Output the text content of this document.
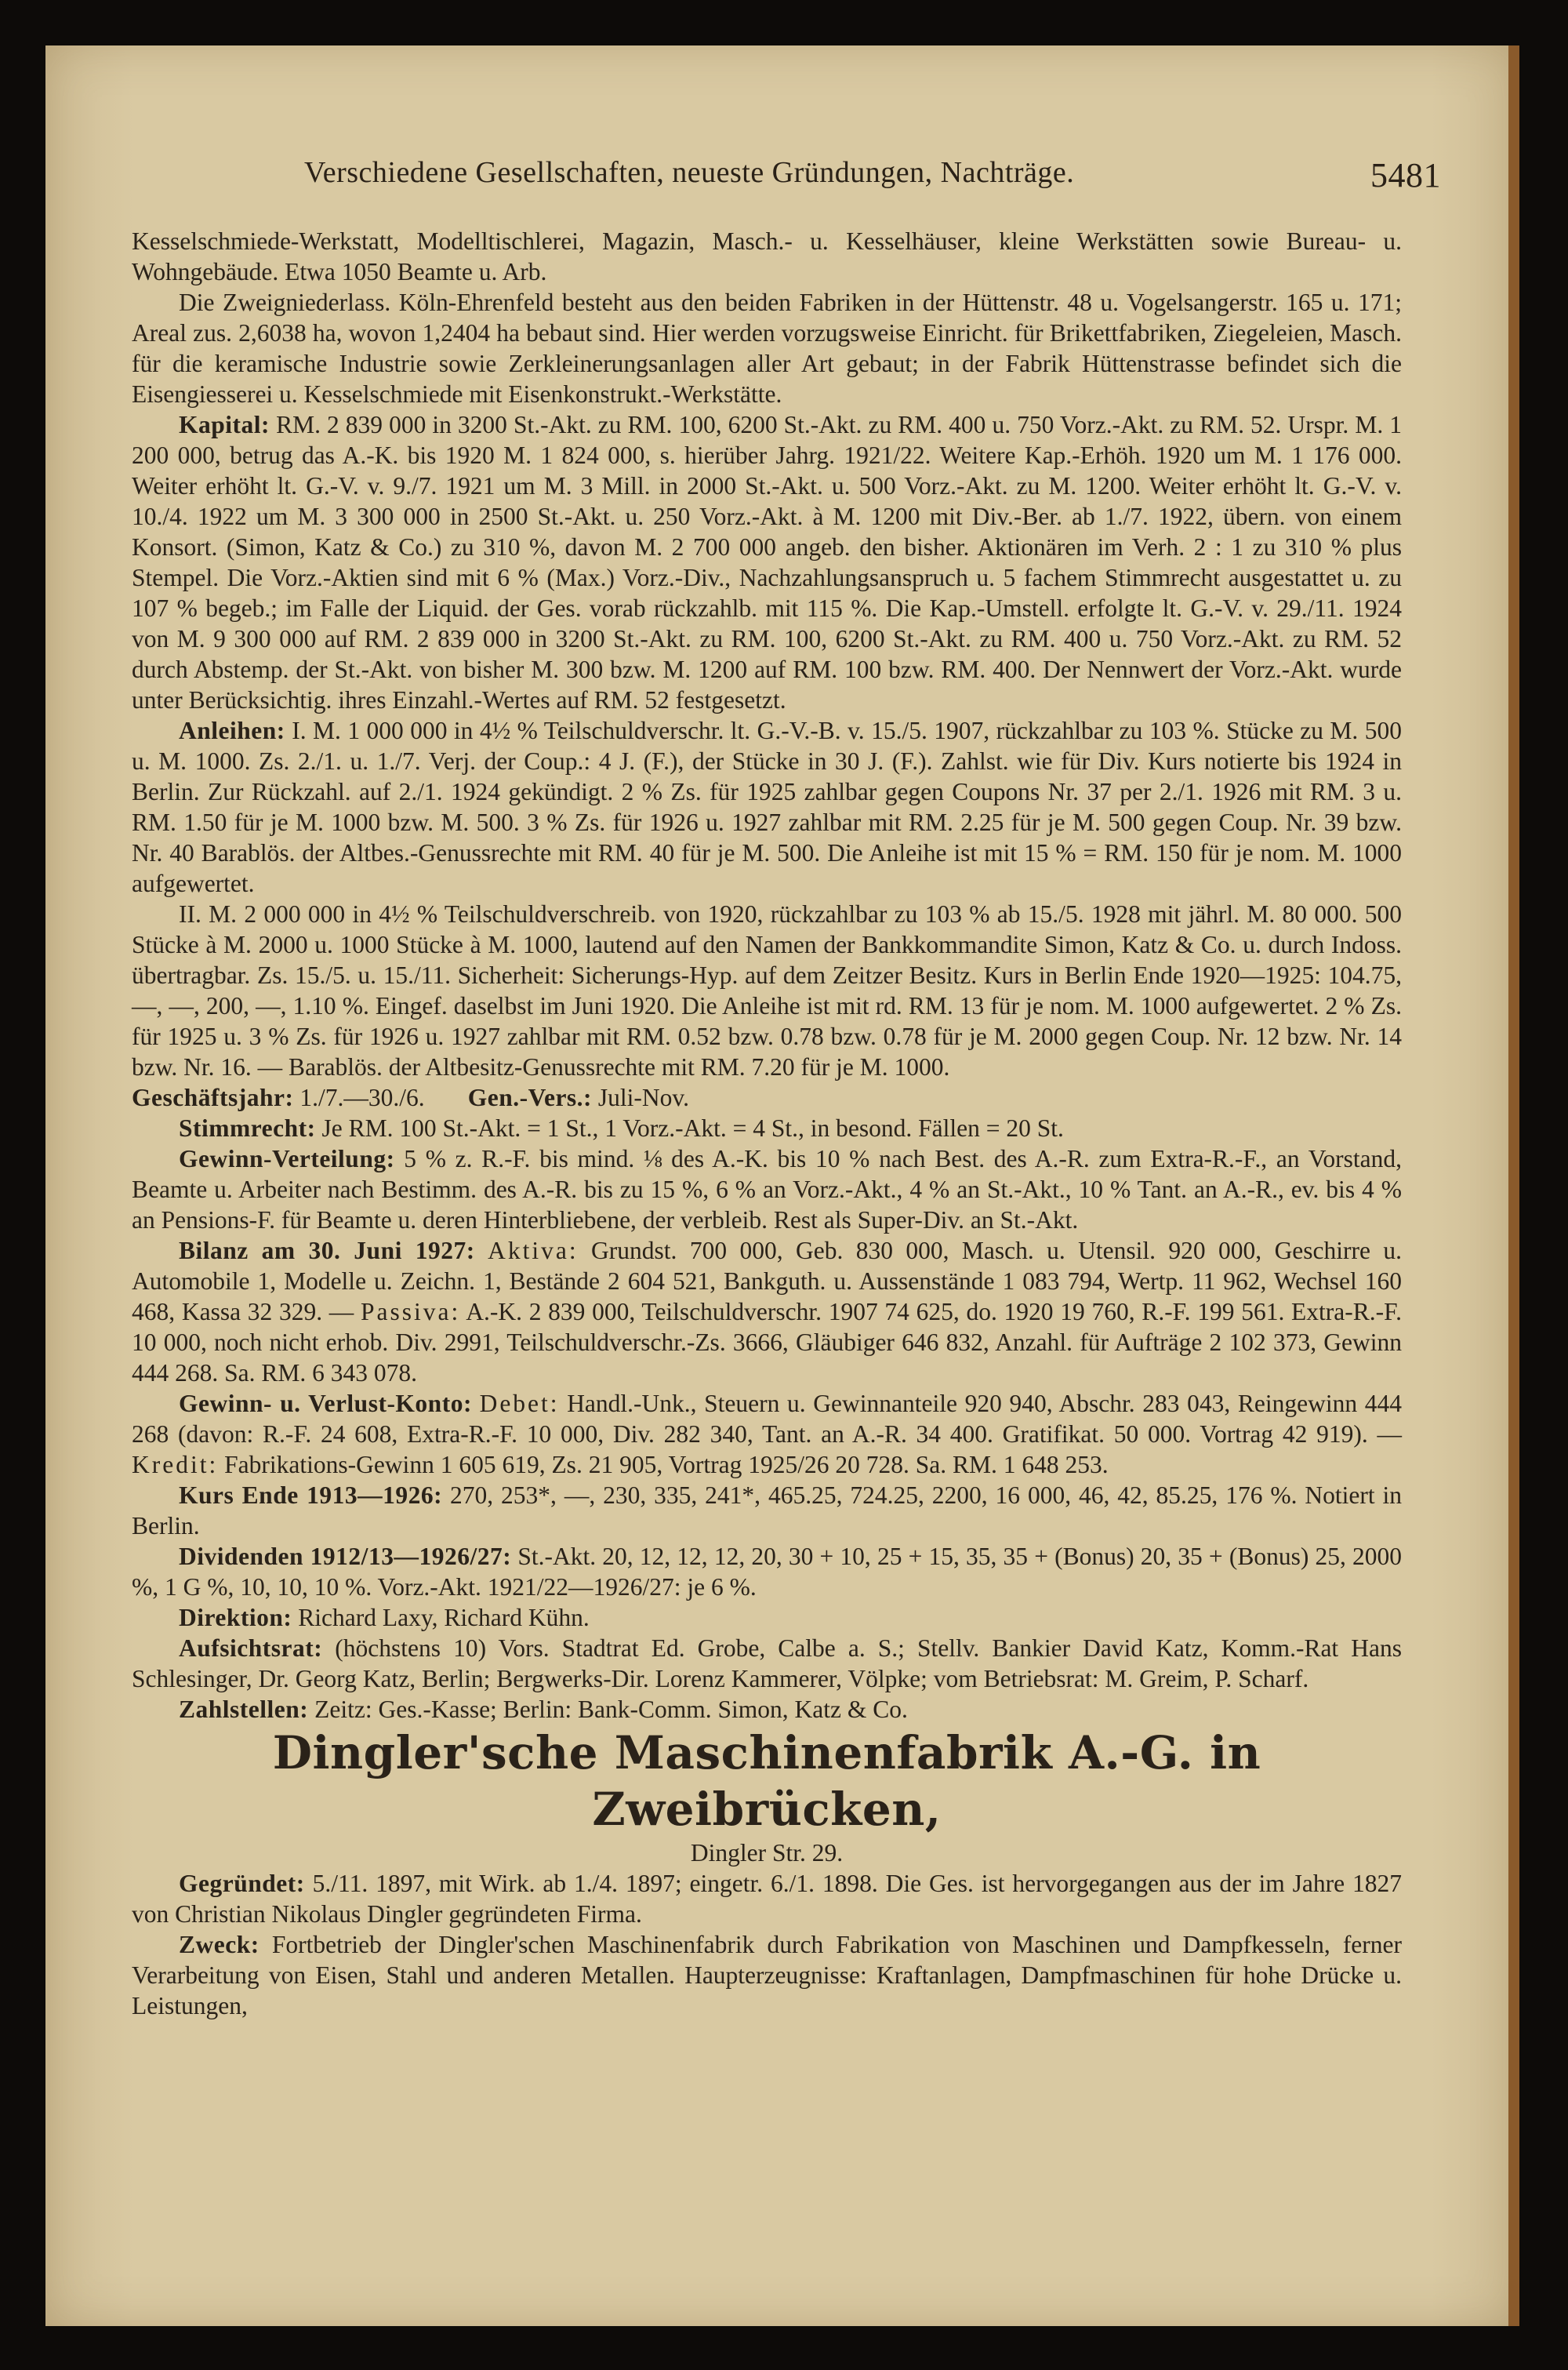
Verschiedene Gesellschaften, neueste Gründungen, Nachträge.	5481

Kesselschmiede-Werkstatt, Modelltischlerei, Magazin, Masch.- u. Kesselhäuser, kleine Werkstätten sowie Bureau- u. Wohngebäude. Etwa 1050 Beamte u. Arb.

Die Zweigniederlass. Köln-Ehrenfeld besteht aus den beiden Fabriken in der Hüttenstr. 48 u. Vogelsangerstr. 165 u. 171; Areal zus. 2,6038 ha, wovon 1,2404 ha bebaut sind. Hier werden vorzugsweise Einricht. für Brikettfabriken, Ziegeleien, Masch. für die keramische Industrie sowie Zerkleinerungsanlagen aller Art gebaut; in der Fabrik Hüttenstrasse befindet sich die Eisengiesserei u. Kesselschmiede mit Eisenkonstrukt.-Werkstätte.

Kapital: RM. 2 839 000 in 3200 St.-Akt. zu RM. 100, 6200 St.-Akt. zu RM. 400 u. 750 Vorz.-Akt. zu RM. 52. Urspr. M. 1 200 000, betrug das A.-K. bis 1920 M. 1 824 000, s. hierüber Jahrg. 1921/22. Weitere Kap.-Erhöh. 1920 um M. 1 176 000. Weiter erhöht lt. G.-V. v. 9./7. 1921 um M. 3 Mill. in 2000 St.-Akt. u. 500 Vorz.-Akt. zu M. 1200. Weiter erhöht lt. G.-V. v. 10./4. 1922 um M. 3 300 000 in 2500 St.-Akt. u. 250 Vorz.-Akt. à M. 1200 mit Div.-Ber. ab 1./7. 1922, übern. von einem Konsort. (Simon, Katz & Co.) zu 310 %, davon M. 2 700 000 angeb. den bisher. Aktionären im Verh. 2 : 1 zu 310 % plus Stempel. Die Vorz.-Aktien sind mit 6 % (Max.) Vorz.-Div., Nachzahlungsanspruch u. 5 fachem Stimmrecht ausgestattet u. zu 107 % begeb.; im Falle der Liquid. der Ges. vorab rückzahlb. mit 115 %. Die Kap.-Umstell. erfolgte lt. G.-V. v. 29./11. 1924 von M. 9 300 000 auf RM. 2 839 000 in 3200 St.-Akt. zu RM. 100, 6200 St.-Akt. zu RM. 400 u. 750 Vorz.-Akt. zu RM. 52 durch Abstemp. der St.-Akt. von bisher M. 300 bzw. M. 1200 auf RM. 100 bzw. RM. 400. Der Nennwert der Vorz.-Akt. wurde unter Berücksichtig. ihres Einzahl.-Wertes auf RM. 52 festgesetzt.

Anleihen: I. M. 1 000 000 in 4½ % Teilschuldverschr. lt. G.-V.-B. v. 15./5. 1907, rückzahlbar zu 103 %. Stücke zu M. 500 u. M. 1000. Zs. 2./1. u. 1./7. Verj. der Coup.: 4 J. (F.), der Stücke in 30 J. (F.). Zahlst. wie für Div. Kurs notierte bis 1924 in Berlin. Zur Rückzahl. auf 2./1. 1924 gekündigt. 2 % Zs. für 1925 zahlbar gegen Coupons Nr. 37 per 2./1. 1926 mit RM. 3 u. RM. 1.50 für je M. 1000 bzw. M. 500. 3 % Zs. für 1926 u. 1927 zahlbar mit RM. 2.25 für je M. 500 gegen Coup. Nr. 39 bzw. Nr. 40 Barablös. der Altbes.-Genussrechte mit RM. 40 für je M. 500. Die Anleihe ist mit 15 % = RM. 150 für je nom. M. 1000 aufgewertet.

II. M. 2 000 000 in 4½ % Teilschuldverschreib. von 1920, rückzahlbar zu 103 % ab 15./5. 1928 mit jährl. M. 80 000. 500 Stücke à M. 2000 u. 1000 Stücke à M. 1000, lautend auf den Namen der Bankkommandite Simon, Katz & Co. u. durch Indoss. übertragbar. Zs. 15./5. u. 15./11. Sicherheit: Sicherungs-Hyp. auf dem Zeitzer Besitz. Kurs in Berlin Ende 1920—1925: 104.75, —, —, 200, —, 1.10 %. Eingef. daselbst im Juni 1920. Die Anleihe ist mit rd. RM. 13 für je nom. M. 1000 aufgewertet. 2 % Zs. für 1925 u. 3 % Zs. für 1926 u. 1927 zahlbar mit RM. 0.52 bzw. 0.78 bzw. 0.78 für je M. 2000 gegen Coup. Nr. 12 bzw. Nr. 14 bzw. Nr. 16. — Barablös. der Altbesitz-Genussrechte mit RM. 7.20 für je M. 1000.

Geschäftsjahr: 1./7.—30./6. Gen.-Vers.: Juli-Nov.

Stimmrecht: Je RM. 100 St.-Akt. = 1 St., 1 Vorz.-Akt. = 4 St., in besond. Fällen = 20 St.

Gewinn-Verteilung: 5 % z. R.-F. bis mind. ⅛ des A.-K. bis 10 % nach Best. des A.-R. zum Extra-R.-F., an Vorstand, Beamte u. Arbeiter nach Bestimm. des A.-R. bis zu 15 %, 6 % an Vorz.-Akt., 4 % an St.-Akt., 10 % Tant. an A.-R., ev. bis 4 % an Pensions-F. für Beamte u. deren Hinterbliebene, der verbleib. Rest als Super-Div. an St.-Akt.

Bilanz am 30. Juni 1927: Aktiva: Grundst. 700 000, Geb. 830 000, Masch. u. Utensil. 920 000, Geschirre u. Automobile 1, Modelle u. Zeichn. 1, Bestände 2 604 521, Bankguth. u. Aussenstände 1 083 794, Wertp. 11 962, Wechsel 160 468, Kassa 32 329. — Passiva: A.-K. 2 839 000, Teilschuldverschr. 1907 74 625, do. 1920 19 760, R.-F. 199 561. Extra-R.-F. 10 000, noch nicht erhob. Div. 2991, Teilschuldverschr.-Zs. 3666, Gläubiger 646 832, Anzahl. für Aufträge 2 102 373, Gewinn 444 268. Sa. RM. 6 343 078.

Gewinn- u. Verlust-Konto: Debet: Handl.-Unk., Steuern u. Gewinnanteile 920 940, Abschr. 283 043, Reingewinn 444 268 (davon: R.-F. 24 608, Extra-R.-F. 10 000, Div. 282 340, Tant. an A.-R. 34 400. Gratifikat. 50 000. Vortrag 42 919). — Kredit: Fabrikations-Gewinn 1 605 619, Zs. 21 905, Vortrag 1925/26 20 728. Sa. RM. 1 648 253.

Kurs Ende 1913—1926: 270, 253*, —, 230, 335, 241*, 465.25, 724.25, 2200, 16 000, 46, 42, 85.25, 176 %. Notiert in Berlin.

Dividenden 1912/13—1926/27: St.-Akt. 20, 12, 12, 12, 20, 30 + 10, 25 + 15, 35, 35 + (Bonus) 20, 35 + (Bonus) 25, 2000 %, 1 G %, 10, 10, 10 %. Vorz.-Akt. 1921/22—1926/27: je 6 %.

Direktion: Richard Laxy, Richard Kühn.

Aufsichtsrat: (höchstens 10) Vors. Stadtrat Ed. Grobe, Calbe a. S.; Stellv. Bankier David Katz, Komm.-Rat Hans Schlesinger, Dr. Georg Katz, Berlin; Bergwerks-Dir. Lorenz Kammerer, Völpke; vom Betriebsrat: M. Greim, P. Scharf.

Zahlstellen: Zeitz: Ges.-Kasse; Berlin: Bank-Comm. Simon, Katz & Co.

Dingler'sche Maschinenfabrik A.-G. in Zweibrücken,

Dingler Str. 29.

Gegründet: 5./11. 1897, mit Wirk. ab 1./4. 1897; eingetr. 6./1. 1898. Die Ges. ist hervorgegangen aus der im Jahre 1827 von Christian Nikolaus Dingler gegründeten Firma.

Zweck: Fortbetrieb der Dingler'schen Maschinenfabrik durch Fabrikation von Maschinen und Dampfkesseln, ferner Verarbeitung von Eisen, Stahl und anderen Metallen. Haupterzeugnisse: Kraftanlagen, Dampfmaschinen für hohe Drücke u. Leistungen,
